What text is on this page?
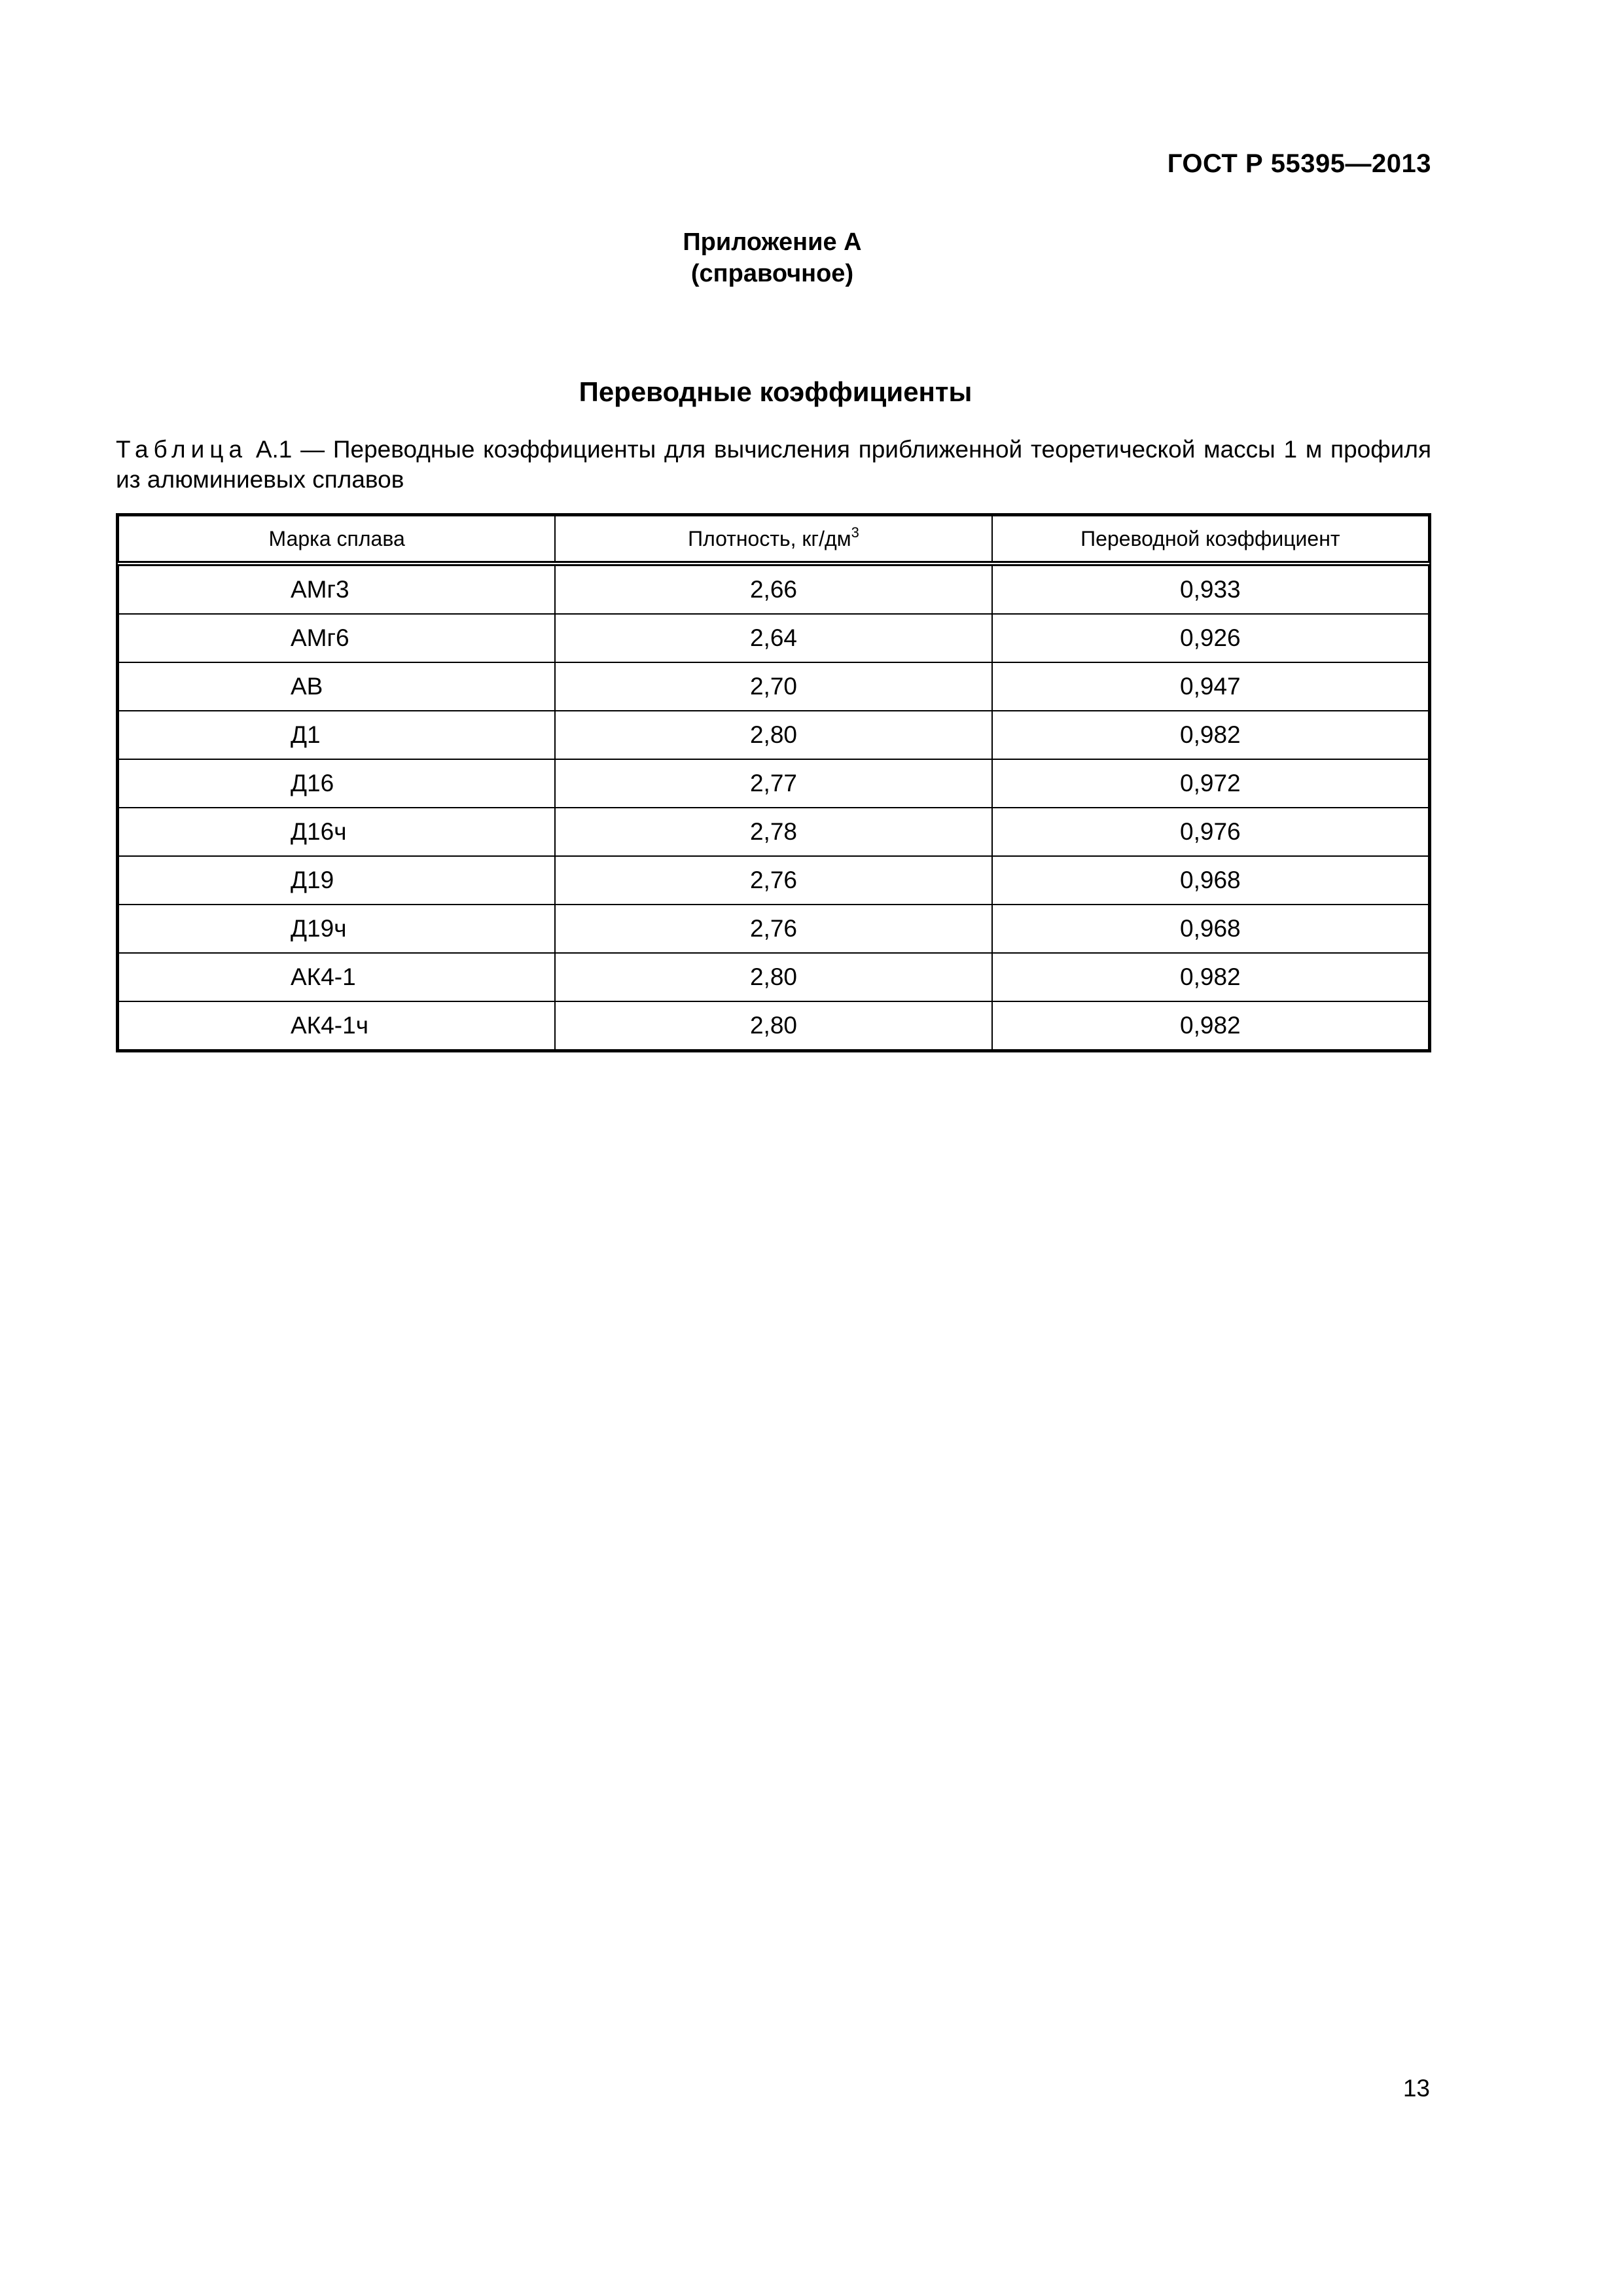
ГОСТ Р 55395—2013
Приложение А
(справочное)
Переводные коэффициенты
Таблица А.1 — Переводные коэффициенты для вычисления приближенной теоретической массы 1 м профиля из алюминиевых сплавов
Марка сплава	Плотность, $кг/дм^3$	Переводной коэффициент
АМг3	2,66	0,933
АМг6	2,64	0,926
АВ	2,70	0,947
Д1	2,80	0,982
Д16	2,77	0,972
Д16ч	2,78	0,976
Д19	2,76	0,968
Д19ч	2,76	0,968
АК4-1	2,80	0,982
АК4-1ч	2,80	0,982
13
